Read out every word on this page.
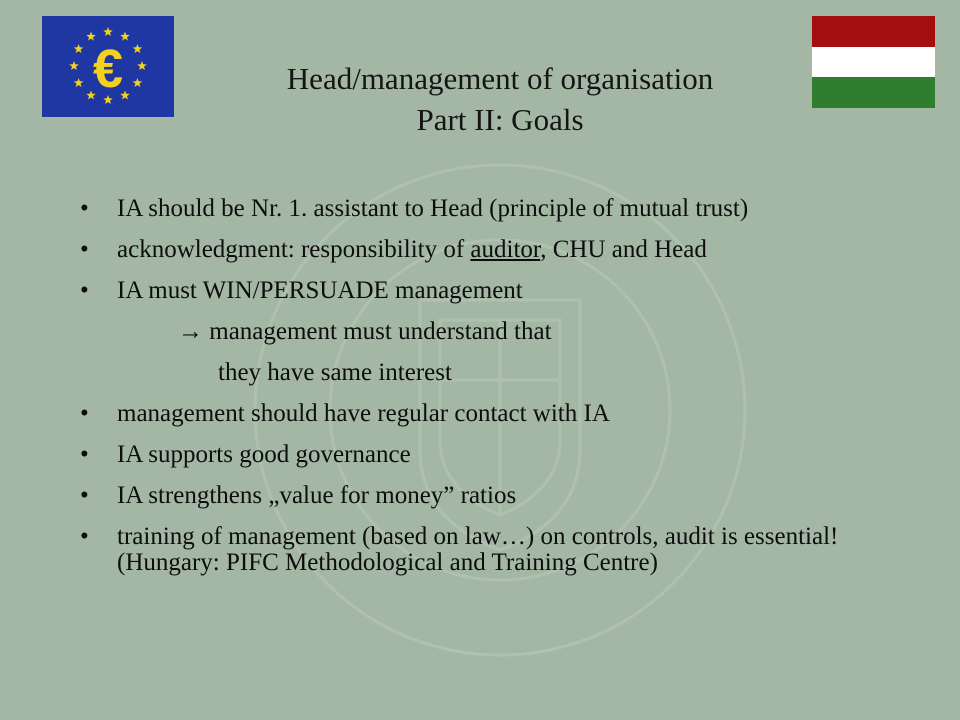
€	Head/management of organisation
Part II: Goals
• IA should be Nr. 1. assistant to Head (principle of mutual trust)
• acknowledgment: responsibility of auditor, CHU and Head
• IA must WIN/PERSUADE management
→ management must understand that
they have same interest
• management should have regular contact with IA
• IA supports good governance
• IA strengthens „value for money” ratios
• training of management (based on law…) on controls, audit is essential! (Hungary: PIFC Methodological and Training Centre)
